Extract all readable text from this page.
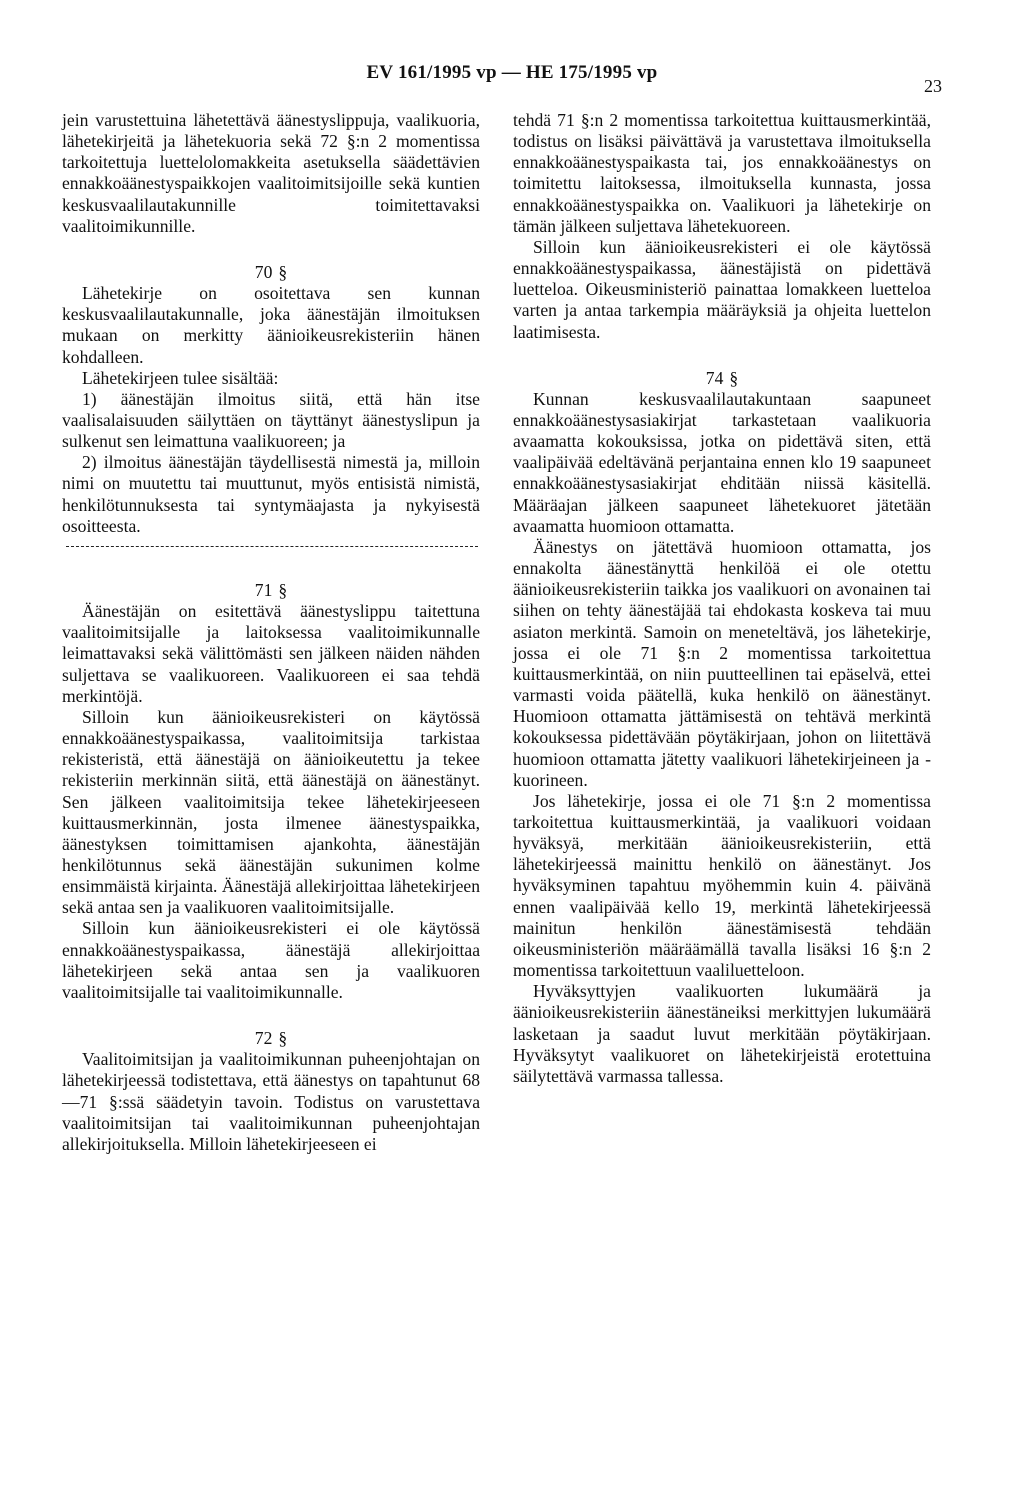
EV 161/1995 vp — HE 175/1995 vp
23

jein varustettuina lähetettävä äänestyslippuja, vaalikuoria, lähetekirjeitä ja lähetekuoria sekä 72 §:n 2 momentissa tarkoitettuja luettelolomakkeita asetuksella säädettävien ennakkoäänestyspaikkojen vaalitoimitsijoille sekä kuntien keskusvaalilautakunnille toimitettavaksi vaalitoimikunnille.

70 §

Lähetekirje on osoitettava sen kunnan keskusvaalilautakunnalle, joka äänestäjän ilmoituksen mukaan on merkitty äänioikeusrekisteriin hänen kohdalleen.

Lähetekirjeen tulee sisältää:

1) äänestäjän ilmoitus siitä, että hän itse vaalisalaisuuden säilyttäen on täyttänyt äänestyslipun ja sulkenut sen leimattuna vaalikuoreen; ja

2) ilmoitus äänestäjän täydellisestä nimestä ja, milloin nimi on muutettu tai muuttunut, myös entisistä nimistä, henkilötunnuksesta tai syntymäajasta ja nykyisestä osoitteesta.

71 §

Äänestäjän on esitettävä äänestyslippu taitettuna vaalitoimitsijalle ja laitoksessa vaalitoimikunnalle leimattavaksi sekä välittömästi sen jälkeen näiden nähden suljettava se vaalikuoreen. Vaalikuoreen ei saa tehdä merkintöjä.

Silloin kun äänioikeusrekisteri on käytössä ennakkoäänestyspaikassa, vaalitoimitsija tarkistaa rekisteristä, että äänestäjä on äänioikeutettu ja tekee rekisteriin merkinnän siitä, että äänestäjä on äänestänyt. Sen jälkeen vaalitoimitsija tekee lähetekirjeeseen kuittausmerkinnän, josta ilmenee äänestyspaikka, äänestyksen toimittamisen ajankohta, äänestäjän henkilötunnus sekä äänestäjän sukunimen kolme ensimmäistä kirjainta. Äänestäjä allekirjoittaa lähetekirjeen sekä antaa sen ja vaalikuoren vaalitoimitsijalle.

Silloin kun äänioikeusrekisteri ei ole käytössä ennakkoäänestyspaikassa, äänestäjä allekirjoittaa lähetekirjeen sekä antaa sen ja vaalikuoren vaalitoimitsijalle tai vaalitoimikunnalle.

72 §

Vaalitoimitsijan ja vaalitoimikunnan puheenjohtajan on lähetekirjeessä todistettava, että äänestys on tapahtunut 68—71 §:ssä säädetyin tavoin. Todistus on varustettava vaalitoimitsijan tai vaalitoimikunnan puheenjohtajan allekirjoituksella. Milloin lähetekirjeeseen ei

tehdä 71 §:n 2 momentissa tarkoitettua kuittausmerkintää, todistus on lisäksi päivättävä ja varustettava ilmoituksella ennakkoäänestyspaikasta tai, jos ennakkoäänestys on toimitettu laitoksessa, ilmoituksella kunnasta, jossa ennakkoäänestyspaikka on. Vaalikuori ja lähetekirje on tämän jälkeen suljettava lähetekuoreen.

Silloin kun äänioikeusrekisteri ei ole käytössä ennakkoäänestyspaikassa, äänestäjistä on pidettävä luetteloa. Oikeusministeriö painattaa lomakkeen luetteloa varten ja antaa tarkempia määräyksiä ja ohjeita luettelon laatimisesta.

74 §

Kunnan keskusvaalilautakuntaan saapuneet ennakkoäänestysasiakirjat tarkastetaan vaalikuoria avaamatta kokouksissa, jotka on pidettävä siten, että vaalipäivää edeltävänä perjantaina ennen klo 19 saapuneet ennakkoäänestysasiakirjat ehditään niissä käsitellä. Määräajan jälkeen saapuneet lähetekuoret jätetään avaamatta huomioon ottamatta.

Äänestys on jätettävä huomioon ottamatta, jos ennakolta äänestänyttä henkilöä ei ole otettu äänioikeusrekisteriin taikka jos vaalikuori on avonainen tai siihen on tehty äänestäjää tai ehdokasta koskeva tai muu asiaton merkintä. Samoin on meneteltävä, jos lähetekirje, jossa ei ole 71 §:n 2 momentissa tarkoitettua kuittausmerkintää, on niin puutteellinen tai epäselvä, ettei varmasti voida päätellä, kuka henkilö on äänestänyt. Huomioon ottamatta jättämisestä on tehtävä merkintä kokouksessa pidettävään pöytäkirjaan, johon on liitettävä huomioon ottamatta jätetty vaalikuori lähetekirjeineen ja -kuorineen.

Jos lähetekirje, jossa ei ole 71 §:n 2 momentissa tarkoitettua kuittausmerkintää, ja vaalikuori voidaan hyväksyä, merkitään äänioikeusrekisteriin, että lähetekirjeessä mainittu henkilö on äänestänyt. Jos hyväksyminen tapahtuu myöhemmin kuin 4. päivänä ennen vaalipäivää kello 19, merkintä lähetekirjeessä mainitun henkilön äänestämisestä tehdään oikeusministeriön määräämällä tavalla lisäksi 16 §:n 2 momentissa tarkoitettuun vaaliluetteloon.

Hyväksyttyjen vaalikuorten lukumäärä ja äänioikeusrekisteriin äänestäneiksi merkittyjen lukumäärä lasketaan ja saadut luvut merkitään pöytäkirjaan. Hyväksytyt vaalikuoret on lähetekirjeistä erotettuina säilytettävä varmassa tallessa.
